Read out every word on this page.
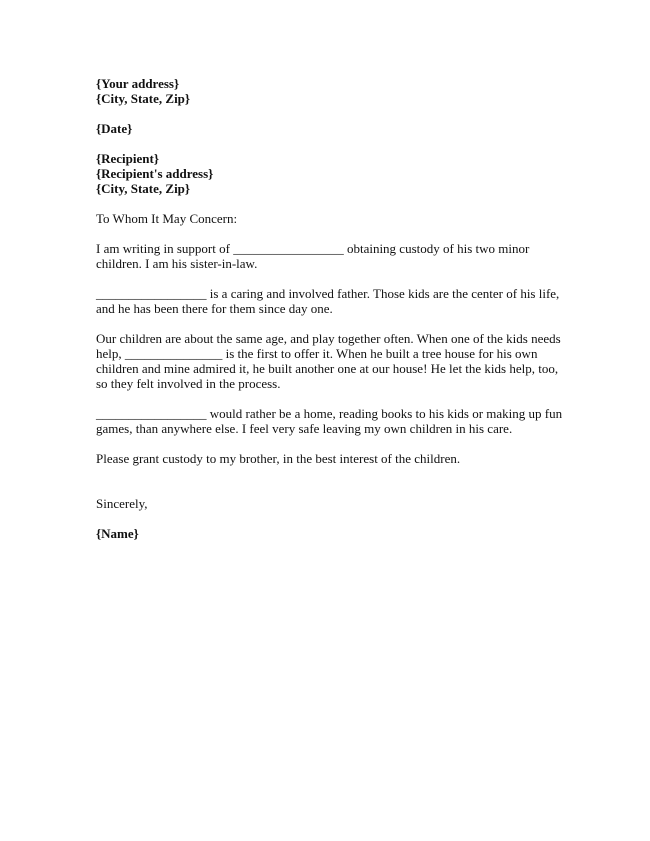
{Your address}
{City, State, Zip}
{Date}
{Recipient}
{Recipient's address}
{City, State, Zip}
To Whom It May Concern:
I am writing in support of _________________ obtaining custody of his two minor
children. I am his sister-in-law.
_________________ is a caring and involved father. Those kids are the center of his life,
and he has been there for them since day one.
Our children are about the same age, and play together often. When one of the kids needs
help, _______________ is the first to offer it. When he built a tree house for his own
children and mine admired it, he built another one at our house! He let the kids help, too,
so they felt involved in the process.
_________________ would rather be a home, reading books to his kids or making up fun
games, than anywhere else. I feel very safe leaving my own children in his care.
Please grant custody to my brother, in the best interest of the children.
Sincerely,
{Name}
